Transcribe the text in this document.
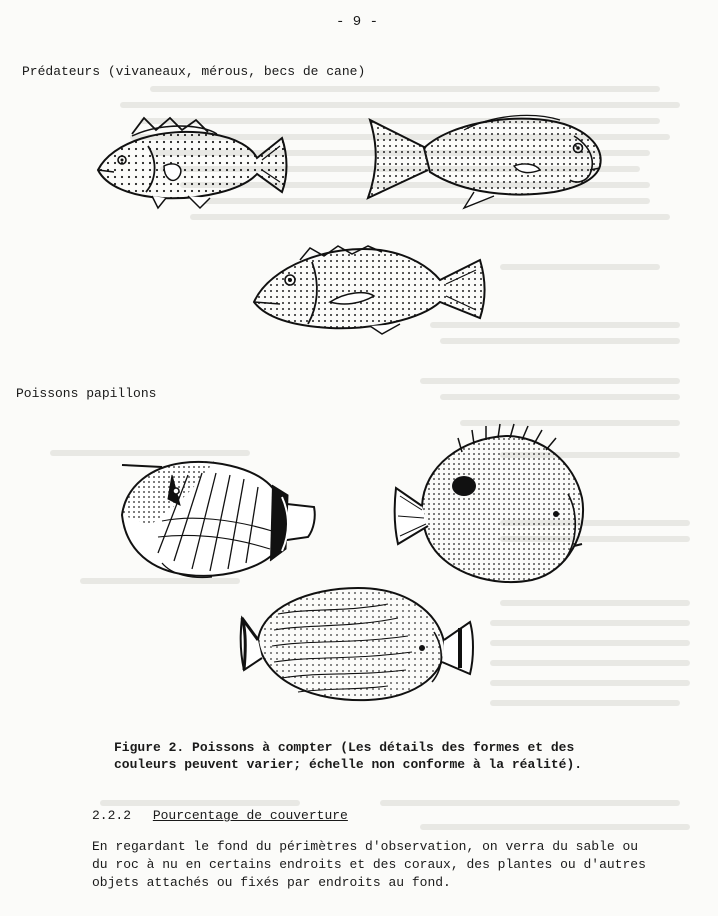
- 9 -
Prédateurs (vivaneaux, mérous, becs de cane)
Poissons papillons
Figure 2. Poissons à compter (Les détails des formes et des
couleurs peuvent varier; échelle non conforme à la réalité).
2.2.2 Pourcentage de couverture
En regardant le fond du périmètres d'observation, on verra du sable ou
du roc à nu en certains endroits et des coraux, des plantes ou d'autres
objets attachés ou fixés par endroits au fond.
